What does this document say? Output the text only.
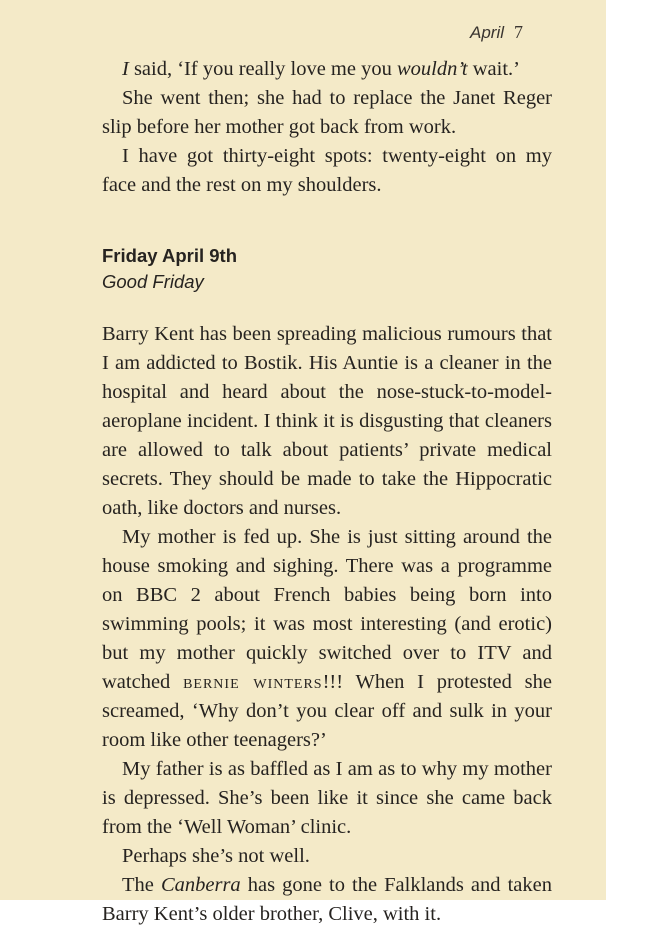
April 7

I said, ‘If you really love me you wouldn’t wait.’

She went then; she had to replace the Janet Reger slip before her mother got back from work.

I have got thirty-eight spots: twenty-eight on my face and the rest on my shoulders.

Friday April 9th
Good Friday

Barry Kent has been spreading malicious rumours that I am addicted to Bostik. His Auntie is a cleaner in the hospital and heard about the nose-stuck-to-model-aeroplane incident. I think it is disgusting that cleaners are allowed to talk about patients’ private medical secrets. They should be made to take the Hippocratic oath, like doctors and nurses.

My mother is fed up. She is just sitting around the house smoking and sighing. There was a programme on BBC 2 about French babies being born into swimming pools; it was most interesting (and erotic) but my mother quickly switched over to ITV and watched bernie winters!!! When I protested she screamed, ‘Why don’t you clear off and sulk in your room like other teenagers?’

My father is as baffled as I am as to why my mother is depressed. She’s been like it since she came back from the ‘Well Woman’ clinic.

Perhaps she’s not well.

The Canberra has gone to the Falklands and taken Barry Kent’s older brother, Clive, with it.
